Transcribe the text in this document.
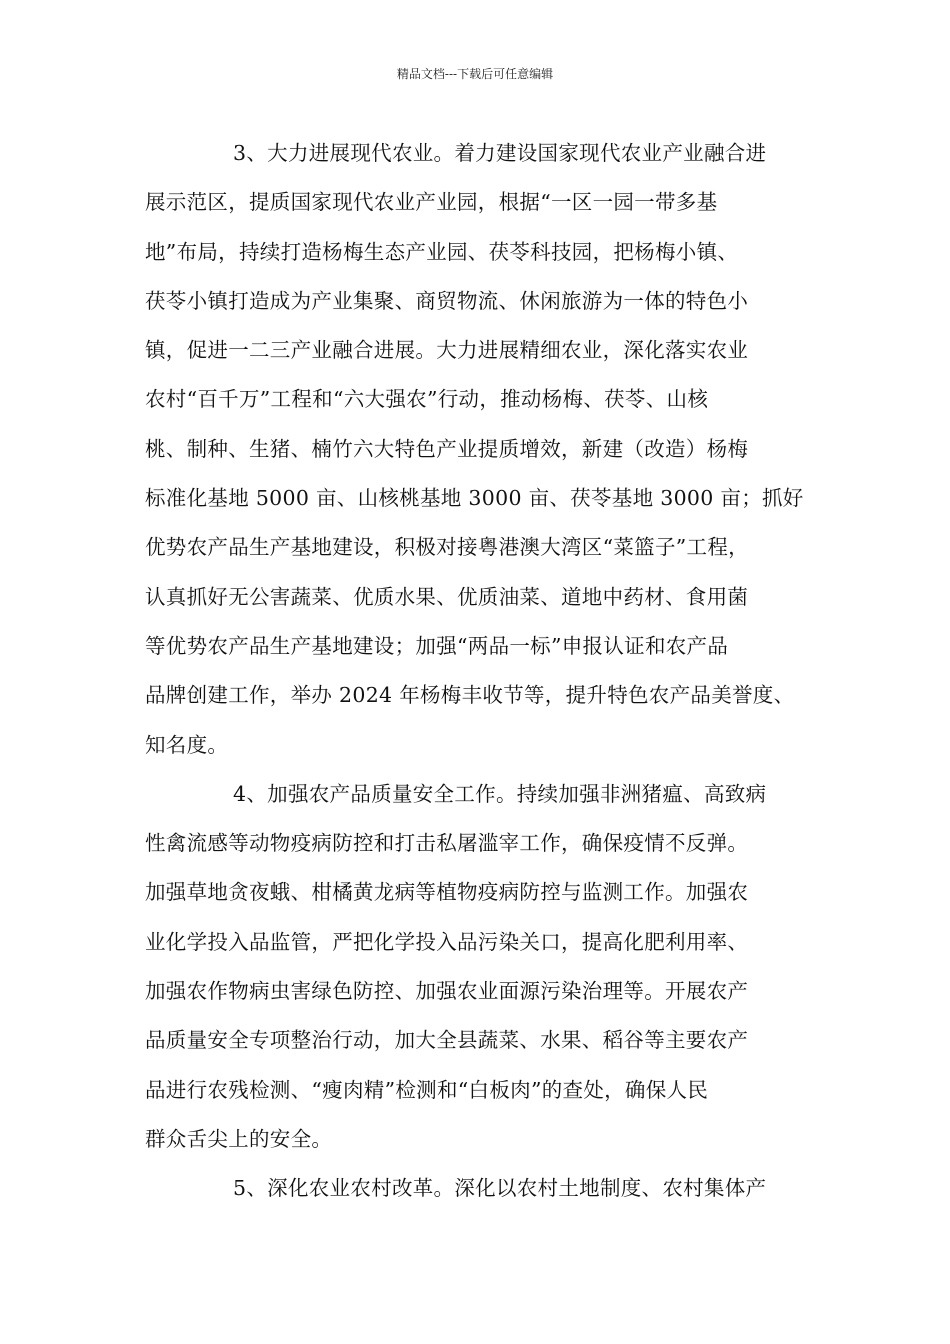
精品文档---下载后可任意编辑
3、大力进展现代农业。着力建设国家现代农业产业融合进
展示范区，提质国家现代农业产业园，根据“一区一园一带多基
地”布局，持续打造杨梅生态产业园、茯苓科技园，把杨梅小镇、
茯苓小镇打造成为产业集聚、商贸物流、休闲旅游为一体的特色小
镇，促进一二三产业融合进展。大力进展精细农业，深化落实农业
农村“百千万”工程和“六大强农”行动，推动杨梅、茯苓、山核
桃、制种、生猪、楠竹六大特色产业提质增效，新建（改造）杨梅
标准化基地 5000 亩、山核桃基地 3000 亩、茯苓基地 3000 亩；抓好
优势农产品生产基地建设，积极对接粤港澳大湾区“菜篮子”工程，
认真抓好无公害蔬菜、优质水果、优质油菜、道地中药材、食用菌
等优势农产品生产基地建设；加强“两品一标”申报认证和农产品
品牌创建工作，举办 2024 年杨梅丰收节等，提升特色农产品美誉度、
知名度。
4、加强农产品质量安全工作。持续加强非洲猪瘟、高致病
性禽流感等动物疫病防控和打击私屠滥宰工作，确保疫情不反弹。
加强草地贪夜蛾、柑橘黄龙病等植物疫病防控与监测工作。加强农
业化学投入品监管，严把化学投入品污染关口，提高化肥利用率、
加强农作物病虫害绿色防控、加强农业面源污染治理等。开展农产
品质量安全专项整治行动，加大全县蔬菜、水果、稻谷等主要农产
品进行农残检测、“瘦肉精”检测和“白板肉”的查处，确保人民
群众舌尖上的安全。
5、深化农业农村改革。深化以农村土地制度、农村集体产
